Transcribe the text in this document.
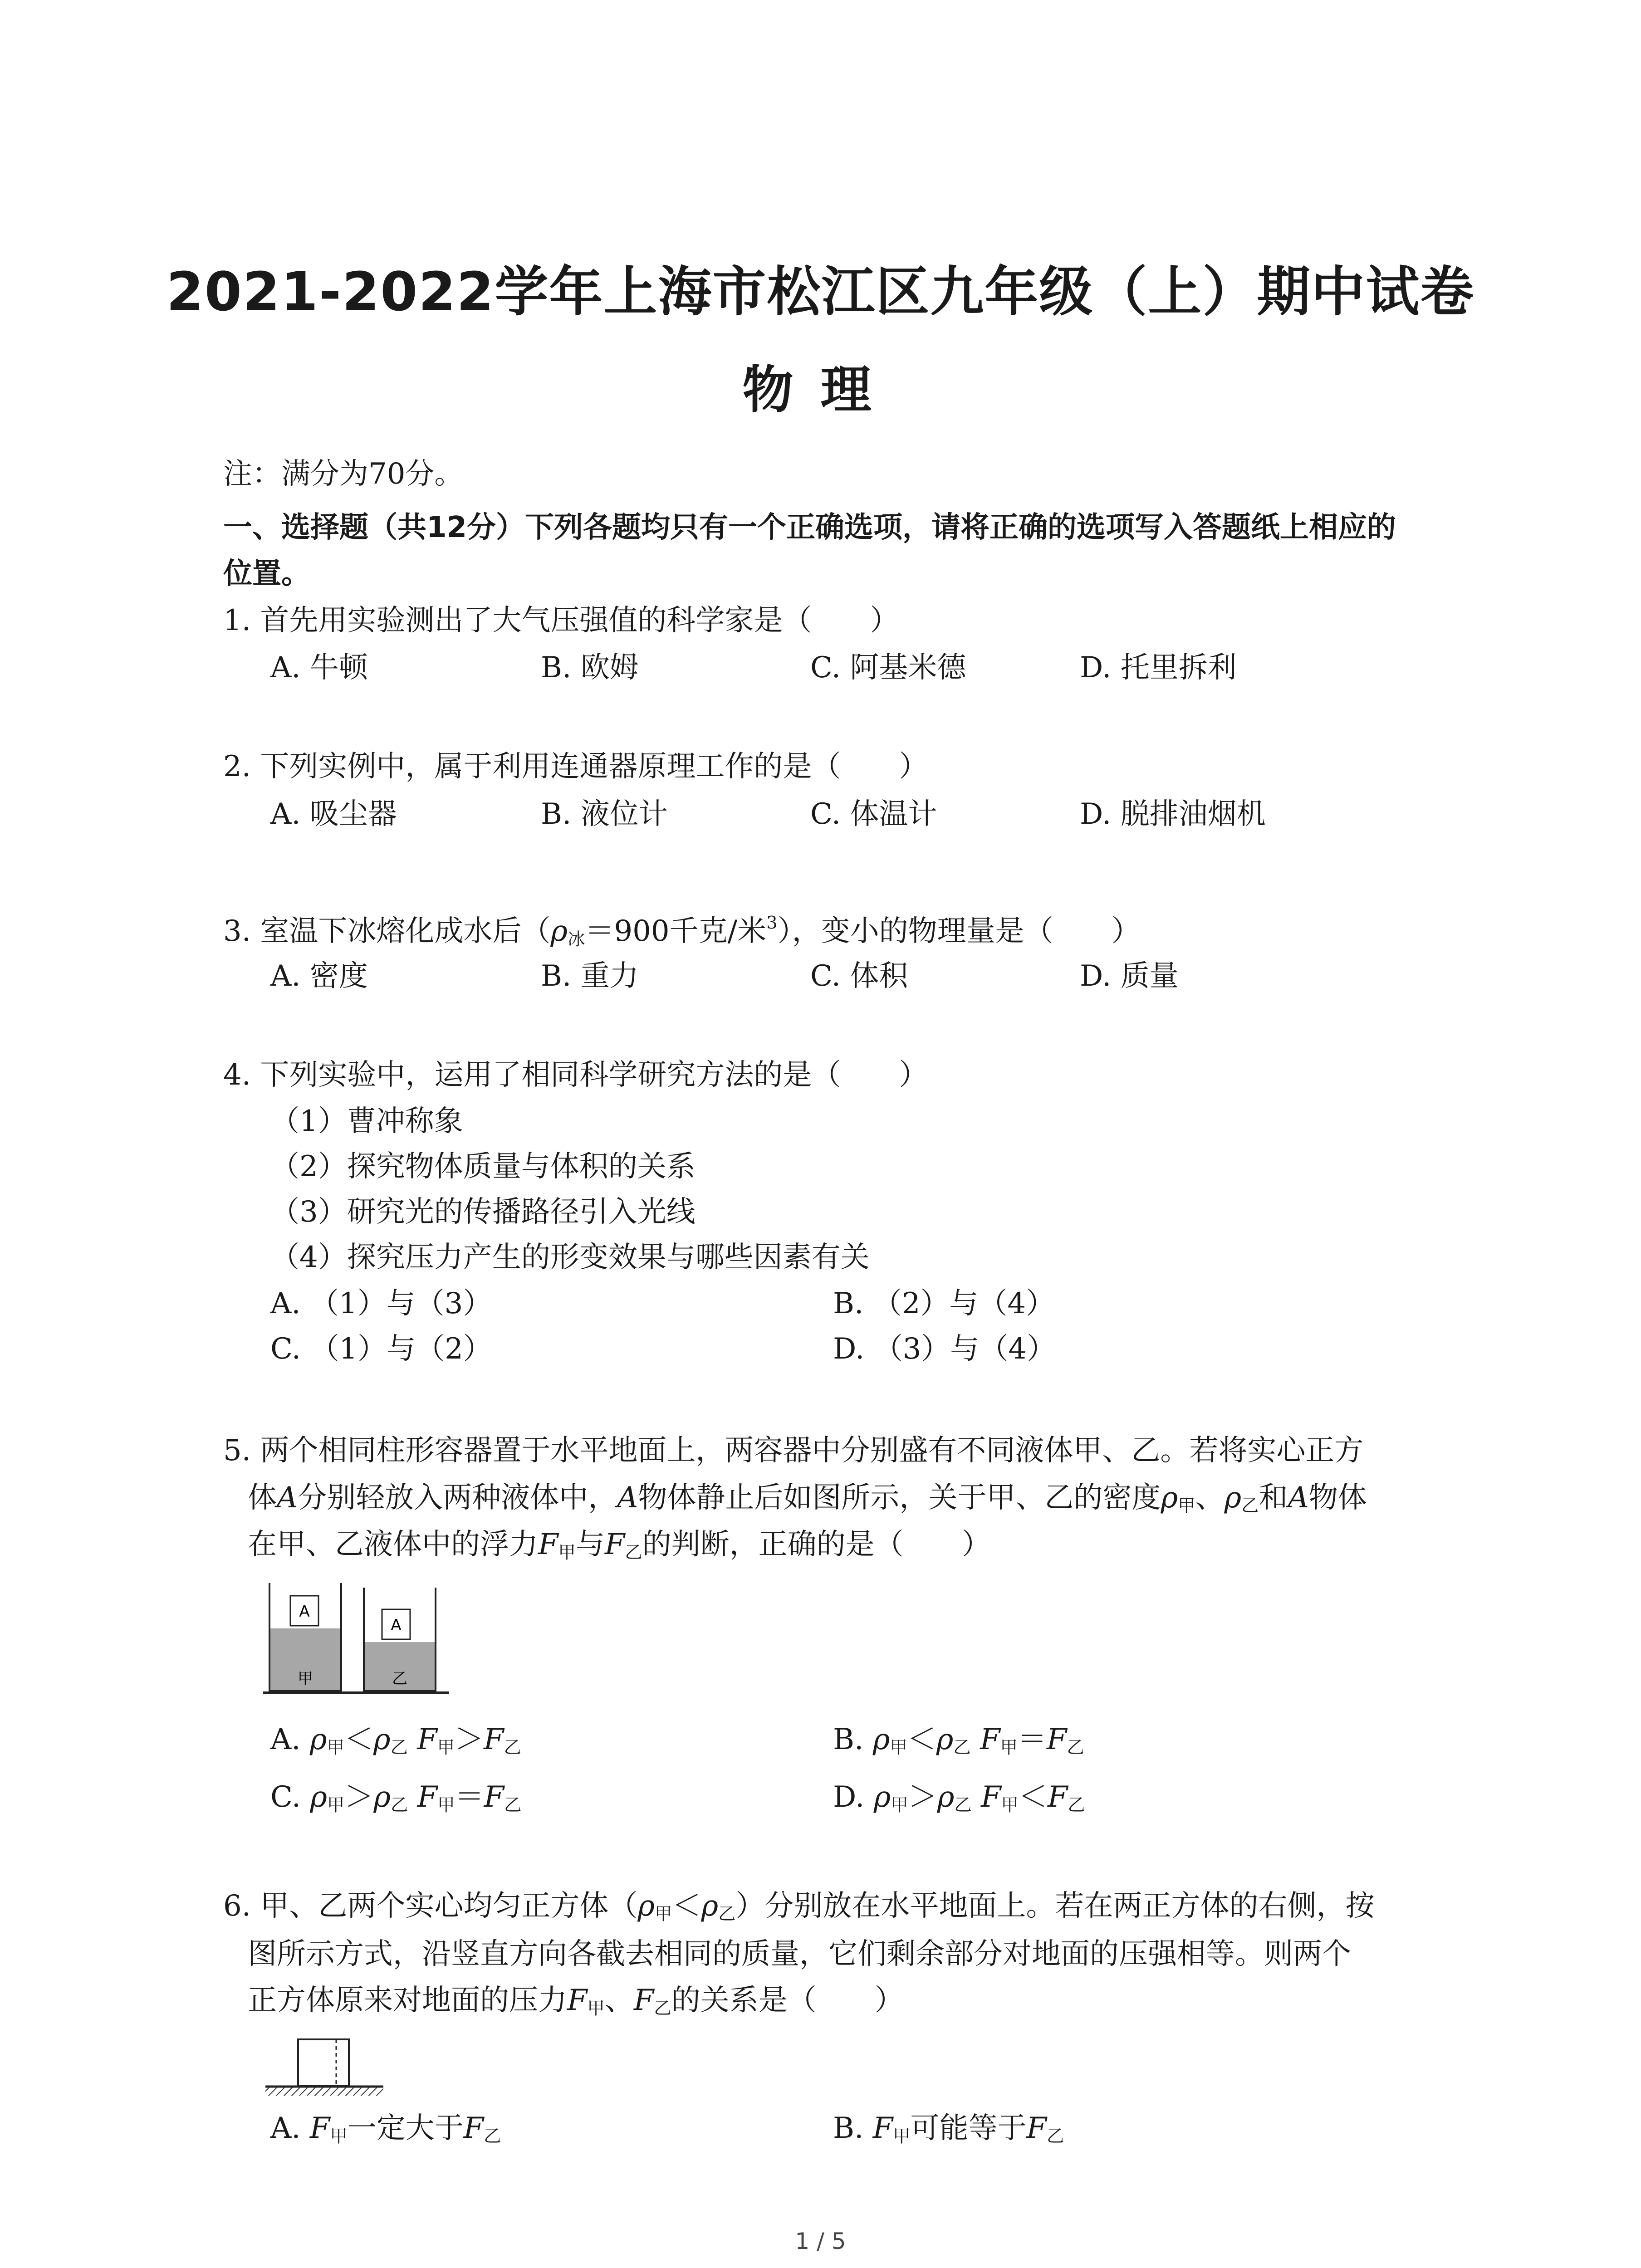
2021-2022学年上海市松江区九年级（上）期中试卷
物理
注：满分为70分。
一、选择题（共12分）下列各题均只有一个正确选项，请将正确的选项写入答题纸上相应的
位置。
1. 首先用实验测出了大气压强值的科学家是（　　）
A. 牛顿	B. 欧姆	C. 阿基米德	D. 托里拆利
2. 下列实例中，属于利用连通器原理工作的是（　　）
A. 吸尘器	B. 液位计	C. 体温计	D. 脱排油烟机
3. 室温下冰熔化成水后（ρ冰＝900千克/米$^3$），变小的物理量是（　　）
A. 密度	B. 重力	C. 体积	D. 质量
4. 下列实验中，运用了相同科学研究方法的是（　　）
（1）曹冲称象
（2）探究物体质量与体积的关系
（3）研究光的传播路径引入光线
（4）探究压力产生的形变效果与哪些因素有关
A. （1）与（3）	B. （2）与（4）
C. （1）与（2）	D. （3）与（4）
5. 两个相同柱形容器置于水平地面上，两容器中分别盛有不同液体甲、乙。若将实心正方
体A分别轻放入两种液体中，A物体静止后如图所示，关于甲、乙的密度ρ甲、ρ乙和A物体
在甲、乙液体中的浮力F甲与F乙的判断，正确的是（　　）
A
甲
A
乙
A. ρ甲＜ρ乙 F甲＞F乙	B. ρ甲＜ρ乙 F甲＝F乙
C. ρ甲＞ρ乙 F甲＝F乙	D. ρ甲＞ρ乙 F甲＜F乙
6. 甲、乙两个实心均匀正方体（ρ甲＜ρ乙）分别放在水平地面上。若在两正方体的右侧，按
图所示方式，沿竖直方向各截去相同的质量，它们剩余部分对地面的压强相等。则两个
正方体原来对地面的压力F甲、F乙的关系是（　　）
A. F甲一定大于F乙	B. F甲可能等于F乙
1 / 5
